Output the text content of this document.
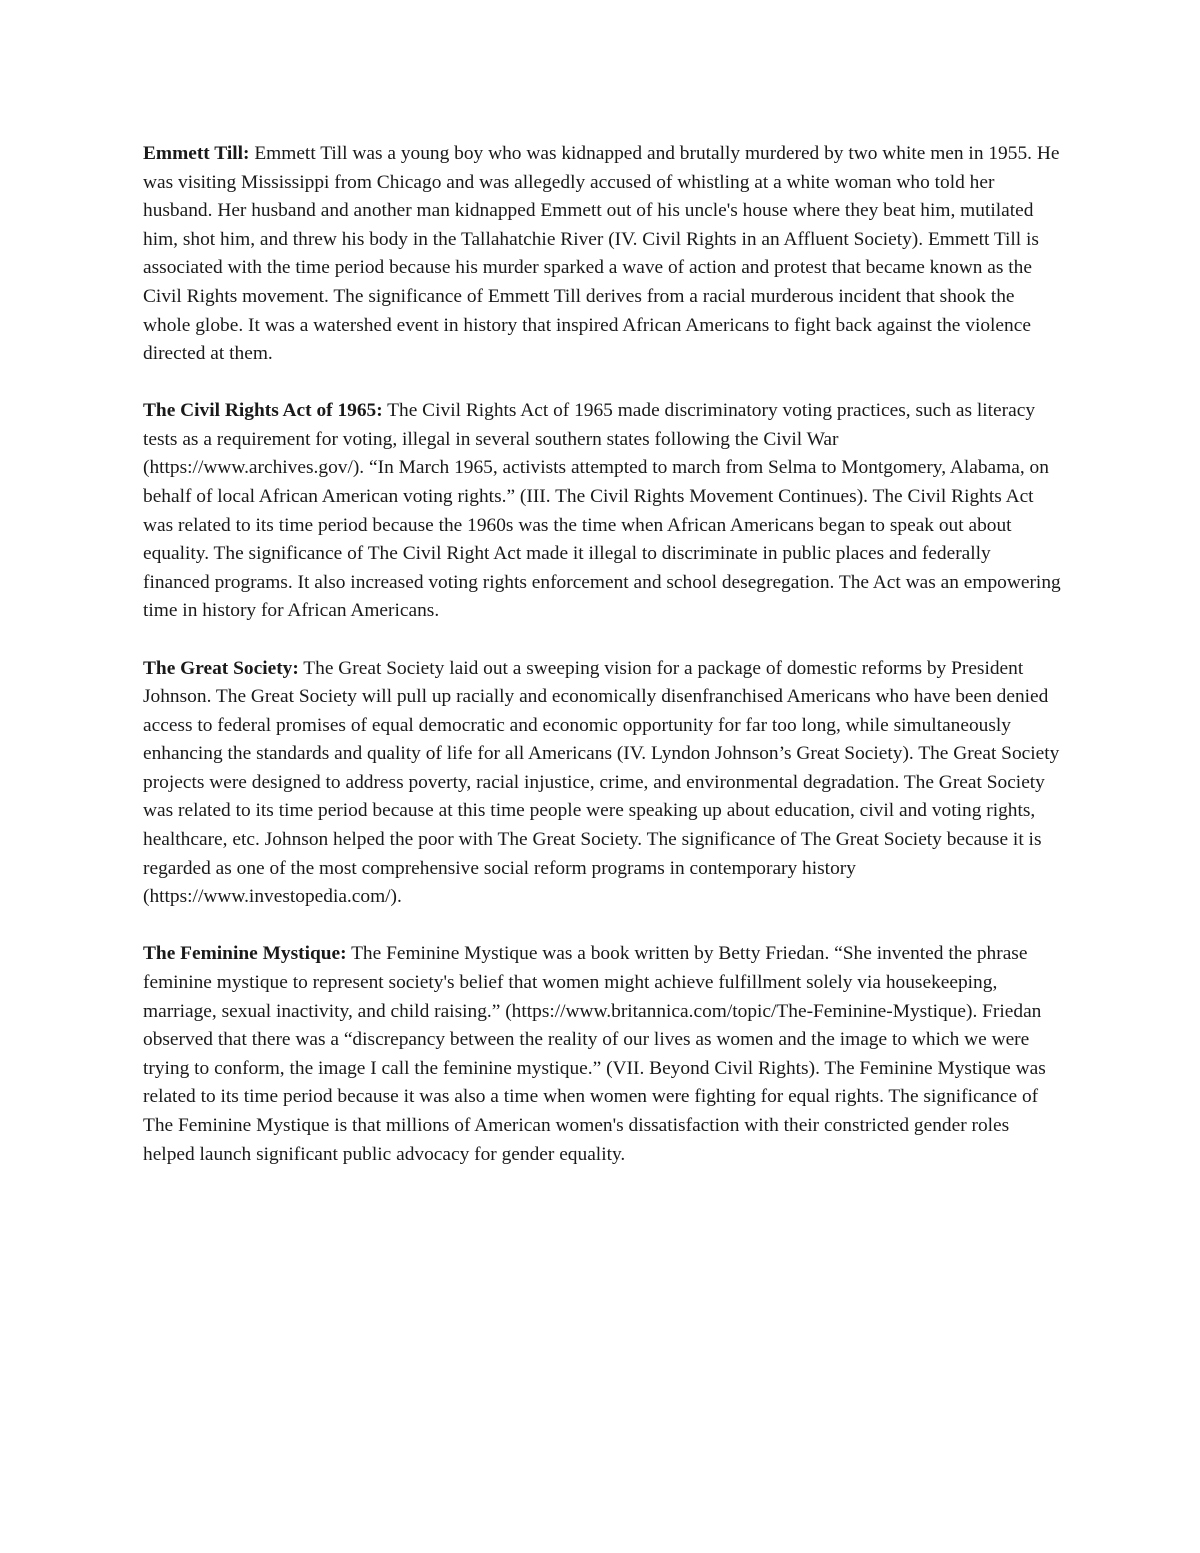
Emmett Till: Emmett Till was a young boy who was kidnapped and brutally murdered by two white men in 1955. He was visiting Mississippi from Chicago and was allegedly accused of whistling at a white woman who told her husband. Her husband and another man kidnapped Emmett out of his uncle's house where they beat him, mutilated him, shot him, and threw his body in the Tallahatchie River (IV. Civil Rights in an Affluent Society). Emmett Till is associated with the time period because his murder sparked a wave of action and protest that became known as the Civil Rights movement. The significance of Emmett Till derives from a racial murderous incident that shook the whole globe. It was a watershed event in history that inspired African Americans to fight back against the violence directed at them.

The Civil Rights Act of 1965: The Civil Rights Act of 1965 made discriminatory voting practices, such as literacy tests as a requirement for voting, illegal in several southern states following the Civil War (https://www.archives.gov/). “In March 1965, activists attempted to march from Selma to Montgomery, Alabama, on behalf of local African American voting rights.” (III. The Civil Rights Movement Continues). The Civil Rights Act was related to its time period because the 1960s was the time when African Americans began to speak out about equality. The significance of The Civil Right Act made it illegal to discriminate in public places and federally financed programs. It also increased voting rights enforcement and school desegregation. The Act was an empowering time in history for African Americans.

The Great Society: The Great Society laid out a sweeping vision for a package of domestic reforms by President Johnson. The Great Society will pull up racially and economically disenfranchised Americans who have been denied access to federal promises of equal democratic and economic opportunity for far too long, while simultaneously enhancing the standards and quality of life for all Americans (IV. Lyndon Johnson’s Great Society). The Great Society projects were designed to address poverty, racial injustice, crime, and environmental degradation. The Great Society was related to its time period because at this time people were speaking up about education, civil and voting rights, healthcare, etc. Johnson helped the poor with The Great Society. The significance of The Great Society because it is regarded as one of the most comprehensive social reform programs in contemporary history (https://www.investopedia.com/).

The Feminine Mystique: The Feminine Mystique was a book written by Betty Friedan. “She invented the phrase feminine mystique to represent society's belief that women might achieve fulfillment solely via housekeeping, marriage, sexual inactivity, and child raising.” (https://www.britannica.com/topic/The-Feminine-Mystique). Friedan observed that there was a “discrepancy between the reality of our lives as women and the image to which we were trying to conform, the image I call the feminine mystique.” (VII. Beyond Civil Rights). The Feminine Mystique was related to its time period because it was also a time when women were fighting for equal rights. The significance of The Feminine Mystique is that millions of American women's dissatisfaction with their constricted gender roles helped launch significant public advocacy for gender equality.
